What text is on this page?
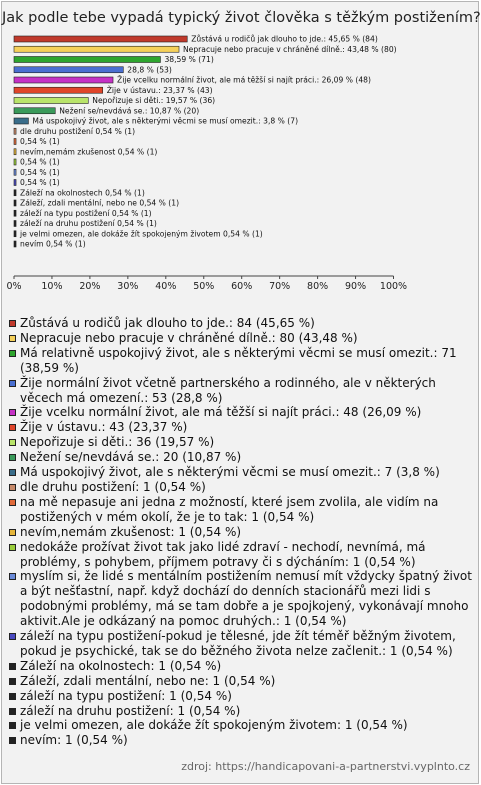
Jak podle tebe vypadá typický život člověka s těžkým postižením?
Zůstává u rodičů jak dlouho to jde.: 45,65 % (84)
Nepracuje nebo pracuje v chráněné dílně.: 43,48 % (80)
38,59 % (71)
28,8 % (53)
Žije vcelku normální život, ale má těžší si najít práci.: 26,09 % (48)
Žije v ústavu.: 23,37 % (43)
Nepořizuje si děti.: 19,57 % (36)
Nežení se/nevdává se.: 10,87 % (20)
Má uspokojivý život, ale s některými věcmi se musí omezit.: 3,8 % (7)
dle druhu postižení 0,54 % (1)
0,54 % (1)
nevím,nemám zkušenost 0,54 % (1)
0,54 % (1)
0,54 % (1)
0,54 % (1)
Záleží na okolnostech 0,54 % (1)
Záleží, zdali mentální, nebo ne 0,54 % (1)
záleží na typu postižení 0,54 % (1)
záleží na druhu postižení 0,54 % (1)
je velmi omezen, ale dokáže žít spokojeným životem 0,54 % (1)
nevím 0,54 % (1)
0% 10% 20% 30% 40% 50% 60% 70% 80% 90% 100%
Zůstává u rodičů jak dlouho to jde.: 84 (45,65 %)
Nepracuje nebo pracuje v chráněné dílně.: 80 (43,48 %)
Má relativně uspokojivý život, ale s některými věcmi se musí omezit.: 71 (38,59 %)
Žije normální život včetně partnerského a rodinného, ale v některých věcech má omezení.: 53 (28,8 %)
Žije vcelku normální život, ale má těžší si najít práci.: 48 (26,09 %)
Žije v ústavu.: 43 (23,37 %)
Nepořizuje si děti.: 36 (19,57 %)
Nežení se/nevdává se.: 20 (10,87 %)
Má uspokojivý život, ale s některými věcmi se musí omezit.: 7 (3,8 %)
dle druhu postižení: 1 (0,54 %)
na mě nepasuje ani jedna z možností, které jsem zvolila, ale vidím na postižených v mém okolí, že je to tak: 1 (0,54 %)
nevím,nemám zkušenost: 1 (0,54 %)
nedokáže prožívat život tak jako lidé zdraví - nechodí, nevnímá, má problémy, s pohybem, příjmem potravy či s dýcháním: 1 (0,54 %)
myslím si, že lidé s mentálním postižením nemusí mít vždycky špatný život a být nešťastní, např. když dochází do denních stacionářů mezi lidi s podobnými problémy, má se tam dobře a je spojkojený, vykonávají mnoho aktivit.Ale je odkázaný na pomoc druhých.: 1 (0,54 %)
záleží na typu postižení-pokud je tělesné, jde žít téměř běžným životem, pokud je psychické, tak se do běžného života nelze začlenit.: 1 (0,54 %)
Záleží na okolnostech: 1 (0,54 %)
Záleží, zdali mentální, nebo ne: 1 (0,54 %)
záleží na typu postižení: 1 (0,54 %)
záleží na druhu postižení: 1 (0,54 %)
je velmi omezen, ale dokáže žít spokojeným životem: 1 (0,54 %)
nevím: 1 (0,54 %)
zdroj: https://handicapovani-a-partnerstvi.vyplnto.cz
